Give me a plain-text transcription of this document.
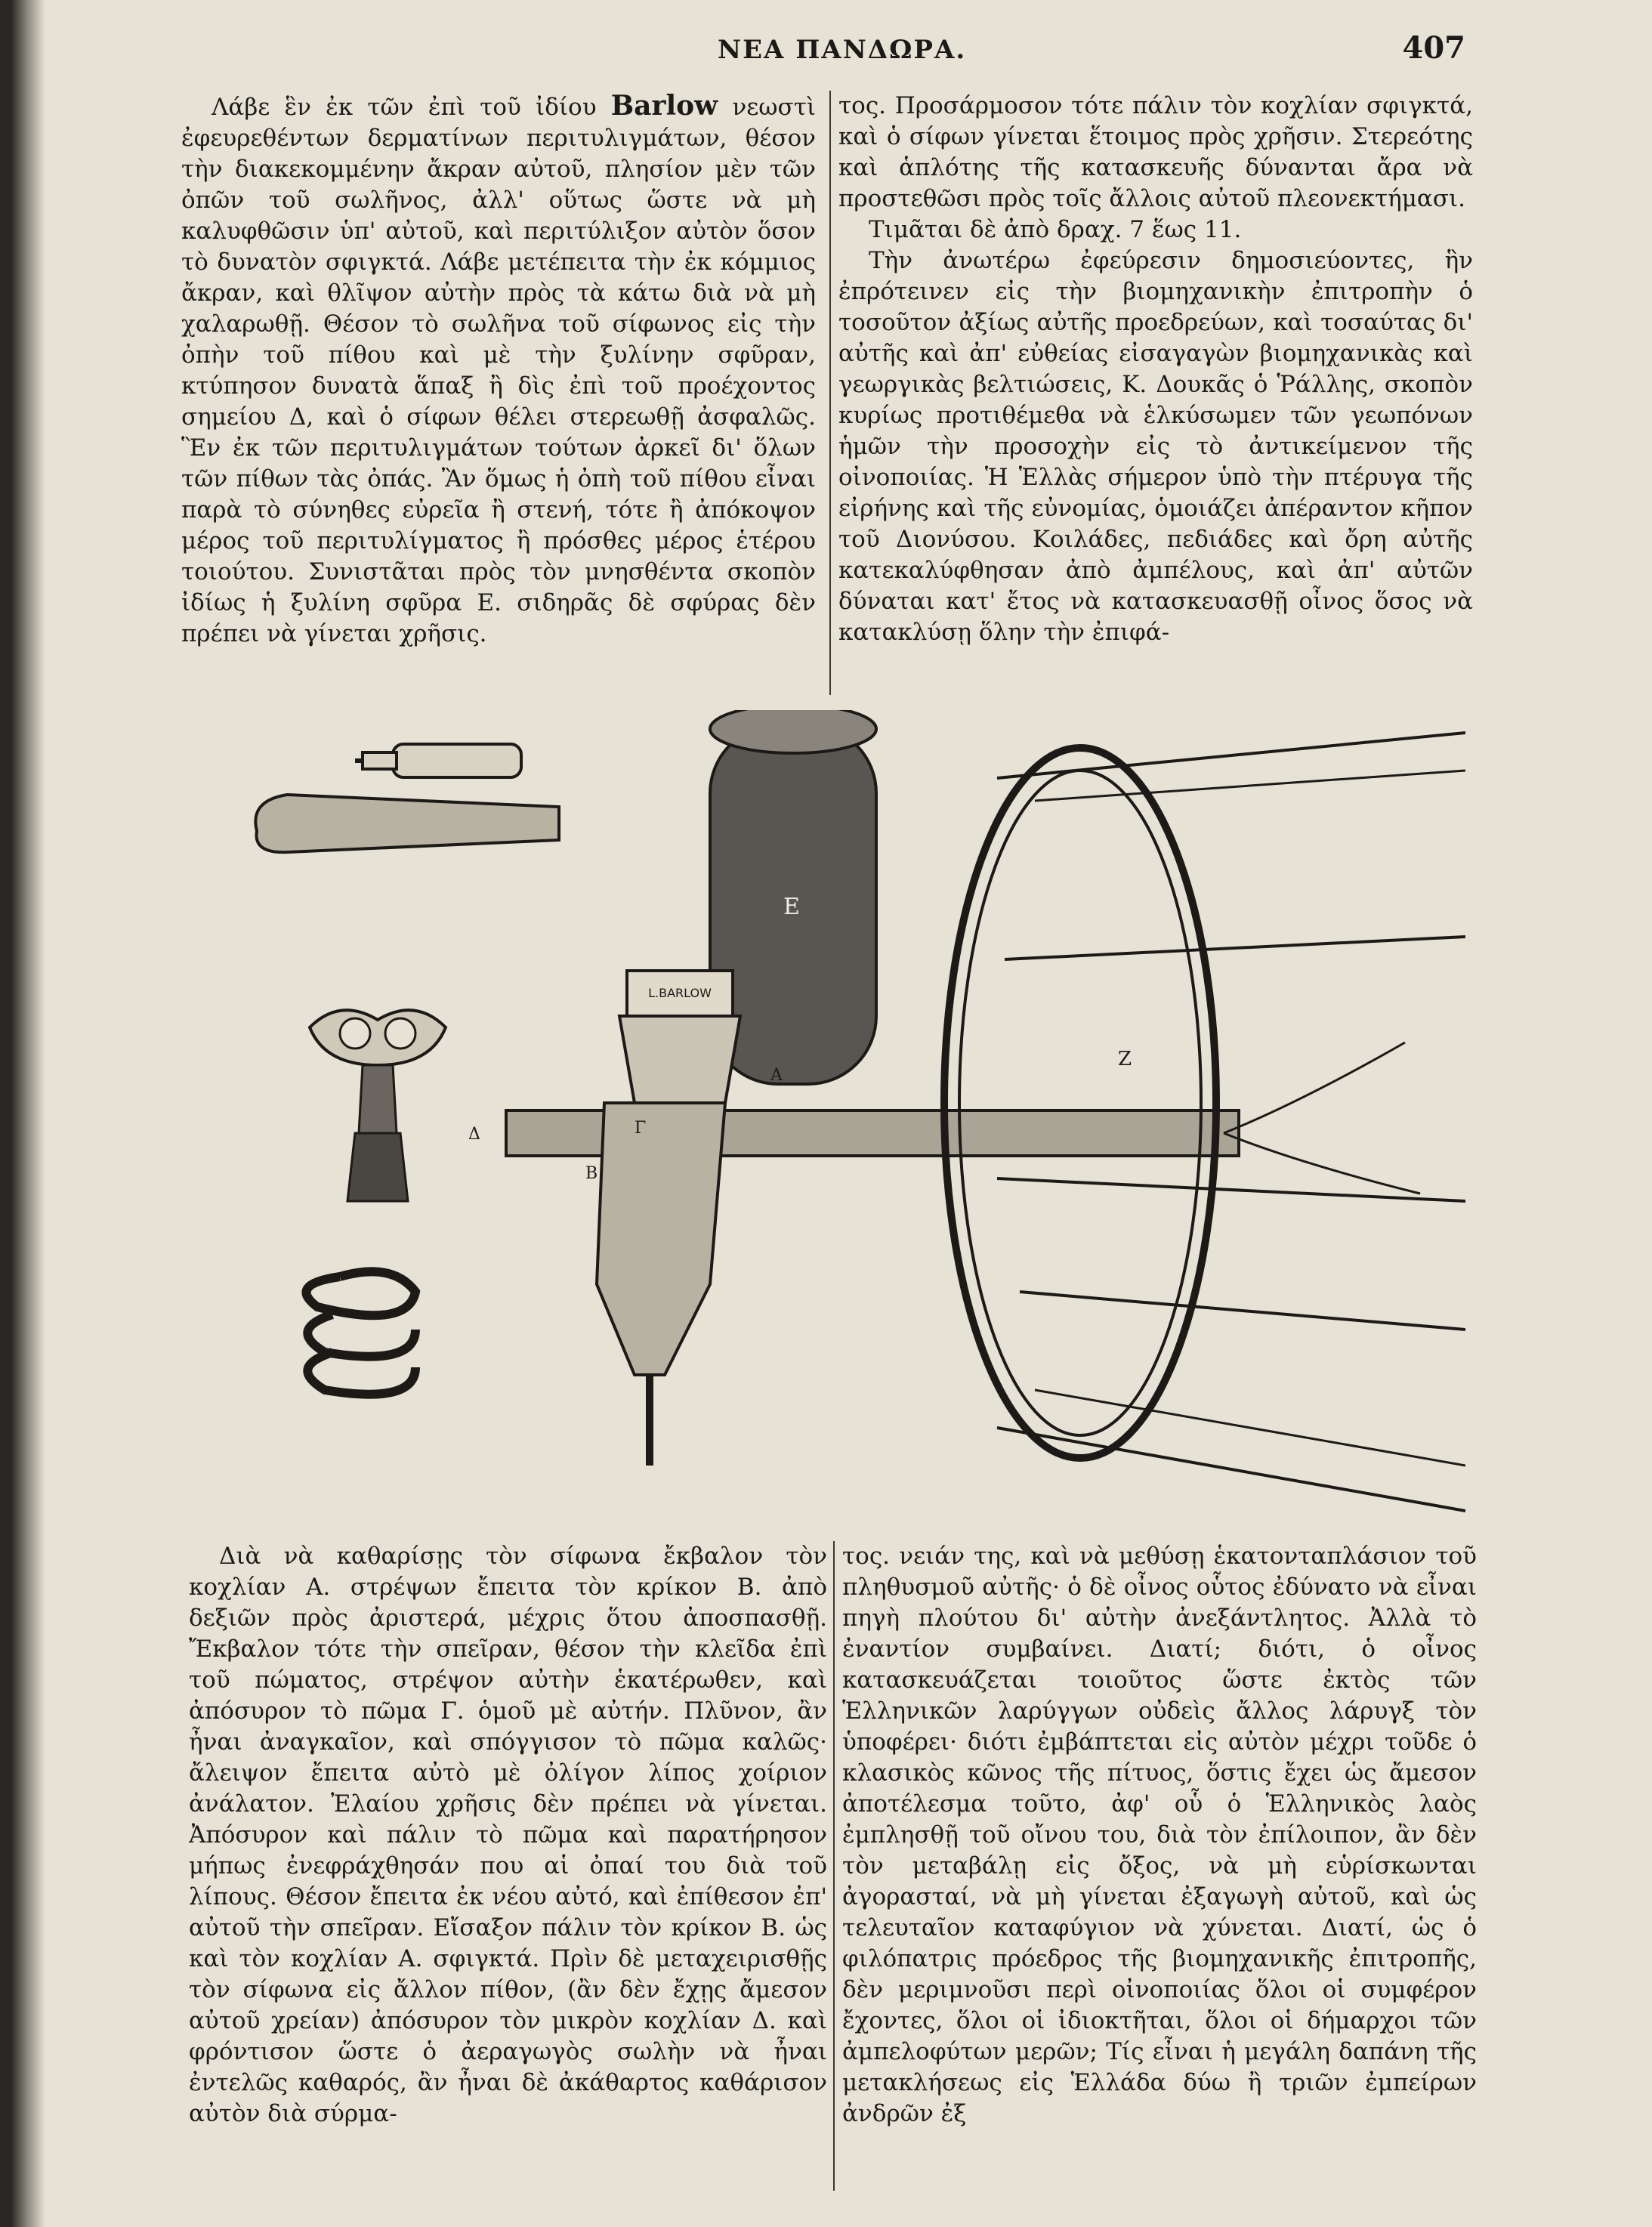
ΝΕΑ ΠΑΝΔΩΡΑ.	407

Λάβε ἓν ἐκ τῶν ἐπὶ τοῦ ἰδίου Barlow νεωστὶ ἐφευρεθέντων δερματίνων περιτυλιγμάτων, θέσον τὴν διακεκομμένην ἄκραν αὐτοῦ, πλησίον μὲν τῶν ὀπῶν τοῦ σωλῆνος, ἀλλ' οὕτως ὥστε νὰ μὴ καλυφθῶσιν ὑπ' αὐτοῦ, καὶ περιτύλιξον αὐτὸν ὅσον τὸ δυνατὸν σφιγκτά. Λάβε μετέπειτα τὴν ἐκ κόμμιος ἄκραν, καὶ θλῖψον αὐτὴν πρὸς τὰ κάτω διὰ νὰ μὴ χαλαρωθῇ. Θέσον τὸ σωλῆνα τοῦ σίφωνος εἰς τὴν ὀπὴν τοῦ πίθου καὶ μὲ τὴν ξυλίνην σφῦραν, κτύπησον δυνατὰ ἅπαξ ἢ δὶς ἐπὶ τοῦ προέχοντος σημείου Δ, καὶ ὁ σίφων θέλει στερεωθῇ ἀσφαλῶς. Ἓν ἐκ τῶν περιτυλιγμάτων τούτων ἀρκεῖ δι' ὅλων τῶν πίθων τὰς ὀπάς. Ἂν ὅμως ἡ ὀπὴ τοῦ πίθου εἶναι παρὰ τὸ σύνηθες εὐρεῖα ἢ στενή, τότε ἢ ἀπόκοψον μέρος τοῦ περιτυλίγματος ἢ πρόσθες μέρος ἑτέρου τοιούτου. Συνιστᾶται πρὸς τὸν μνησθέντα σκοπὸν ἰδίως ἡ ξυλίνη σφῦρα Ε. σιδηρᾶς δὲ σφύρας δὲν πρέπει νὰ γίνεται χρῆσις.

τος. Προσάρμοσον τότε πάλιν τὸν κοχλίαν σφιγκτά, καὶ ὁ σίφων γίνεται ἕτοιμος πρὸς χρῆσιν. Στερεότης καὶ ἁπλότης τῆς κατασκευῆς δύνανται ἄρα νὰ προστεθῶσι πρὸς τοῖς ἄλλοις αὐτοῦ πλεονεκτήμασι.

Τιμᾶται δὲ ἀπὸ δραχ. 7 ἕως 11.

Τὴν ἀνωτέρω ἐφεύρεσιν δημοσιεύοντες, ἣν ἐπρότεινεν εἰς τὴν βιομηχανικὴν ἐπιτροπὴν ὁ τοσοῦτον ἀξίως αὐτῆς προεδρεύων, καὶ τοσαύτας δι' αὐτῆς καὶ ἀπ' εὐθείας εἰσαγαγὼν βιομηχανικὰς καὶ γεωργικὰς βελτιώσεις, Κ. Δουκᾶς ὁ Ῥάλλης, σκοπὸν κυρίως προτιθέμεθα νὰ ἑλκύσωμεν τῶν γεωπόνων ἡμῶν τὴν προσοχὴν εἰς τὸ ἀντικείμενον τῆς οἰνοποιίας. Ἡ Ἑλλὰς σήμερον ὑπὸ τὴν πτέρυγα τῆς εἰρήνης καὶ τῆς εὐνομίας, ὁμοιάζει ἀπέραντον κῆπον τοῦ Διονύσου. Κοιλάδες, πεδιάδες καὶ ὄρη αὐτῆς κατεκαλύφθησαν ἀπὸ ἀμπέλους, καὶ ἀπ' αὐτῶν δύναται κατ' ἔτος νὰ κατασκευασθῇ οἶνος ὅσος νὰ κατακλύσῃ ὅλην τὴν ἐπιφά-

Ε
L.BARLOW
A
Γ
Δ
B
Z

Διὰ νὰ καθαρίσῃς τὸν σίφωνα ἔκβαλον τὸν κοχλίαν Α. στρέψων ἔπειτα τὸν κρίκον Β. ἀπὸ δεξιῶν πρὸς ἀριστερά, μέχρις ὅτου ἀποσπασθῇ. Ἔκβαλον τότε τὴν σπεῖραν, θέσον τὴν κλεῖδα ἐπὶ τοῦ πώματος, στρέψον αὐτὴν ἑκατέρωθεν, καὶ ἀπόσυρον τὸ πῶμα Γ. ὁμοῦ μὲ αὐτήν. Πλῦνον, ἂν ἦναι ἀναγκαῖον, καὶ σπόγγισον τὸ πῶμα καλῶς· ἄλειψον ἔπειτα αὐτὸ μὲ ὀλίγον λίπος χοίριον ἀνάλατον. Ἐλαίου χρῆσις δὲν πρέπει νὰ γίνεται. Ἀπόσυρον καὶ πάλιν τὸ πῶμα καὶ παρατήρησον μήπως ἐνεφράχθησάν που αἱ ὀπαί του διὰ τοῦ λίπους. Θέσον ἔπειτα ἐκ νέου αὐτό, καὶ ἐπίθεσον ἐπ' αὐτοῦ τὴν σπεῖραν. Εἴσαξον πάλιν τὸν κρίκον Β. ὡς καὶ τὸν κοχλίαν Α. σφιγκτά. Πρὶν δὲ μεταχειρισθῇς τὸν σίφωνα εἰς ἄλλον πίθον, (ἂν δὲν ἔχῃς ἄμεσον αὐτοῦ χρείαν) ἀπόσυρον τὸν μικρὸν κοχλίαν Δ. καὶ φρόντισον ὥστε ὁ ἀεραγωγὸς σωλὴν νὰ ἦναι ἐντελῶς καθαρός, ἂν ἦναι δὲ ἀκάθαρτος καθάρισον αὐτὸν διὰ σύρμα-

τος. νειάν της, καὶ νὰ μεθύσῃ ἑκατονταπλάσιον τοῦ πληθυσμοῦ αὐτῆς· ὁ δὲ οἶνος οὗτος ἐδύνατο νὰ εἶναι πηγὴ πλούτου δι' αὐτὴν ἀνεξάντλητος. Ἀλλὰ τὸ ἐναντίον συμβαίνει. Διατί; διότι, ὁ οἶνος κατασκευάζεται τοιοῦτος ὥστε ἐκτὸς τῶν Ἑλληνικῶν λαρύγγων οὐδεὶς ἄλλος λάρυγξ τὸν ὑποφέρει· διότι ἐμβάπτεται εἰς αὐτὸν μέχρι τοῦδε ὁ κλασικὸς κῶνος τῆς πίτυος, ὅστις ἔχει ὡς ἄμεσον ἀποτέλεσμα τοῦτο, ἀφ' οὗ ὁ Ἑλληνικὸς λαὸς ἐμπλησθῇ τοῦ οἴνου του, διὰ τὸν ἐπίλοιπον, ἂν δὲν τὸν μεταβάλῃ εἰς ὄξος, νὰ μὴ εὑρίσκωνται ἀγορασταί, νὰ μὴ γίνεται ἐξαγωγὴ αὐτοῦ, καὶ ὡς τελευταῖον καταφύγιον νὰ χύνεται. Διατί, ὡς ὁ φιλόπατρις πρόεδρος τῆς βιομηχανικῆς ἐπιτροπῆς, δὲν μεριμνοῦσι περὶ οἰνοποιίας ὅλοι οἱ συμφέρον ἔχοντες, ὅλοι οἱ ἰδιοκτῆται, ὅλοι οἱ δήμαρχοι τῶν ἀμπελοφύτων μερῶν; Τίς εἶναι ἡ μεγάλη δαπάνη τῆς μετακλήσεως εἰς Ἑλλάδα δύω ἢ τριῶν ἐμπείρων ἀνδρῶν ἐξ
